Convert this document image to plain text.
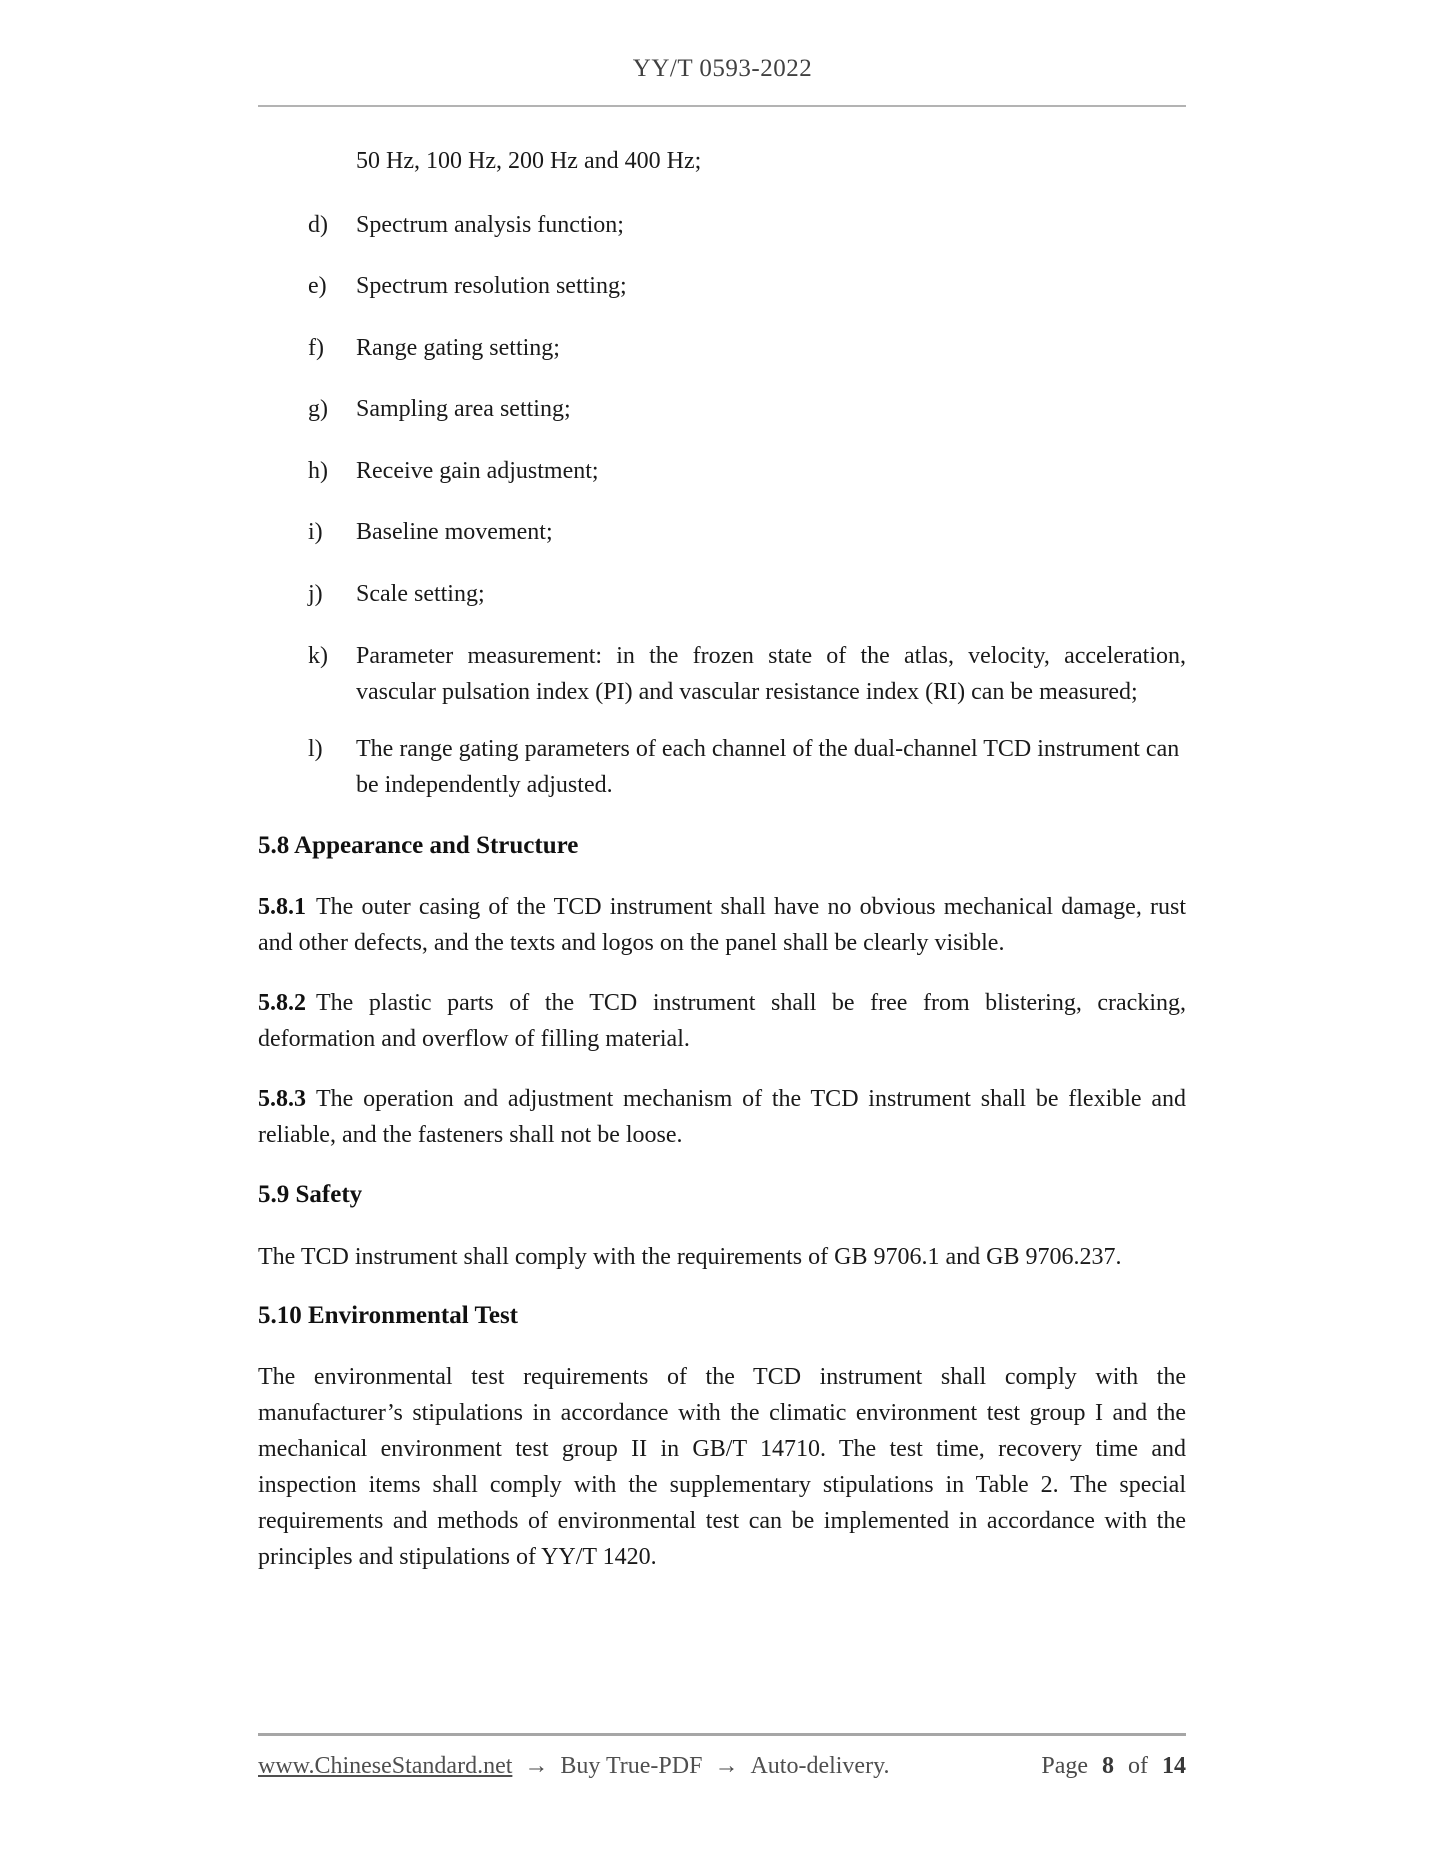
YY/T 0593-2022
50 Hz, 100 Hz, 200 Hz and 400 Hz;
d) Spectrum analysis function;
e) Spectrum resolution setting;
f) Range gating setting;
g) Sampling area setting;
h) Receive gain adjustment;
i) Baseline movement;
j) Scale setting;
k) Parameter measurement: in the frozen state of the atlas, velocity, acceleration, vascular pulsation index (PI) and vascular resistance index (RI) can be measured;
l) The range gating parameters of each channel of the dual-channel TCD instrument can be independently adjusted.
5.8 Appearance and Structure
5.8.1 The outer casing of the TCD instrument shall have no obvious mechanical damage, rust and other defects, and the texts and logos on the panel shall be clearly visible.
5.8.2 The plastic parts of the TCD instrument shall be free from blistering, cracking, deformation and overflow of filling material.
5.8.3 The operation and adjustment mechanism of the TCD instrument shall be flexible and reliable, and the fasteners shall not be loose.
5.9 Safety
The TCD instrument shall comply with the requirements of GB 9706.1 and GB 9706.237.
5.10 Environmental Test
The environmental test requirements of the TCD instrument shall comply with the manufacturer’s stipulations in accordance with the climatic environment test group I and the mechanical environment test group II in GB/T 14710. The test time, recovery time and inspection items shall comply with the supplementary stipulations in Table 2. The special requirements and methods of environmental test can be implemented in accordance with the principles and stipulations of YY/T 1420.
www.ChineseStandard.net → Buy True-PDF → Auto-delivery.	Page 8 of 14
